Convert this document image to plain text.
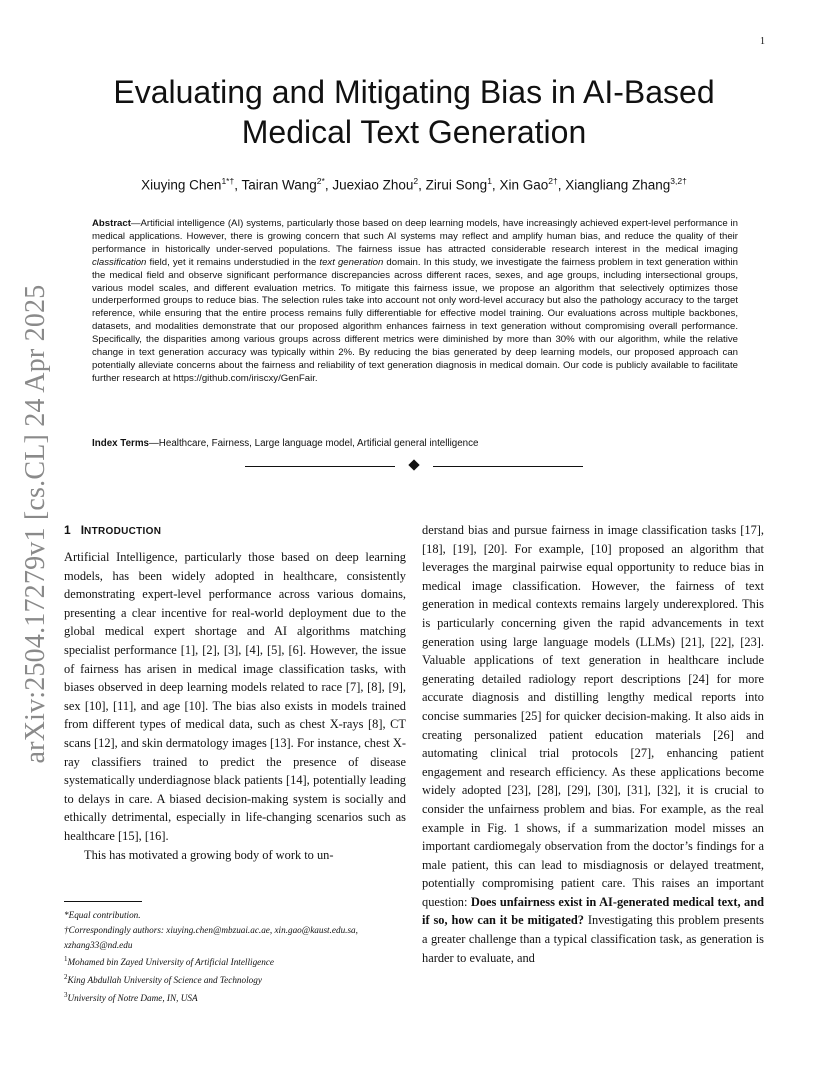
1
arXiv:2504.17279v1 [cs.CL] 24 Apr 2025
Evaluating and Mitigating Bias in AI-Based
Medical Text Generation
Xiuying Chen$^{1*\dagger}$, Tairan Wang$^{2*}$, Juexiao Zhou$^2$, Zirui Song$^1$, Xin Gao$^{2\dagger}$, Xiangliang Zhang$^{3,2\dagger}$
Abstract—Artificial intelligence (AI) systems, particularly those based on deep learning models, have increasingly achieved expert-level performance in medical applications. However, there is growing concern that such AI systems may reflect and amplify human bias, and reduce the quality of their performance in historically under-served populations. The fairness issue has attracted considerable research interest in the medical imaging classification field, yet it remains understudied in the text generation domain. In this study, we investigate the fairness problem in text generation within the medical field and observe significant performance discrepancies across different races, sexes, and age groups, including intersectional groups, various model scales, and different evaluation metrics. To mitigate this fairness issue, we propose an algorithm that selectively optimizes those underperformed groups to reduce bias. The selection rules take into account not only word-level accuracy but also the pathology accuracy to the target reference, while ensuring that the entire process remains fully differentiable for effective model training. Our evaluations across multiple backbones, datasets, and modalities demonstrate that our proposed algorithm enhances fairness in text generation without compromising overall performance. Specifically, the disparities among various groups across different metrics were diminished by more than 30% with our algorithm, while the relative change in text generation accuracy was typically within 2%. By reducing the bias generated by deep learning models, our proposed approach can potentially alleviate concerns about the fairness and reliability of text generation diagnosis in medical domain. Our code is publicly available to facilitate further research at https://github.com/iriscxy/GenFair.
Index Terms—Healthcare, Fairness, Large language model, Artificial general intelligence
1 INTRODUCTION

Artificial Intelligence, particularly those based on deep learning models, has been widely adopted in healthcare, consistently demonstrating expert-level performance across various domains, presenting a clear incentive for real-world deployment due to the global medical expert shortage and AI algorithms matching specialist performance [1], [2], [3], [4], [5], [6]. However, the issue of fairness has arisen in medical image classification tasks, with biases observed in deep learning models related to race [7], [8], [9], sex [10], [11], and age [10]. The bias also exists in models trained from different types of medical data, such as chest X-rays [8], CT scans [12], and skin dermatology images [13]. For instance, chest X-ray classifiers trained to predict the presence of disease systematically underdiagnose black patients [14], potentially leading to delays in care. A biased decision-making system is socially and ethically detrimental, especially in life-changing scenarios such as healthcare [15], [16].

This has motivated a growing body of work to un-

derstand bias and pursue fairness in image classification tasks [17], [18], [19], [20]. For example, [10] proposed an algorithm that leverages the marginal pairwise equal opportunity to reduce bias in medical image classification. However, the fairness of text generation in medical contexts remains largely underexplored. This is particularly concerning given the rapid advancements in text generation using large language models (LLMs) [21], [22], [23]. Valuable applications of text generation in healthcare include generating detailed radiology report descriptions [24] for more accurate diagnosis and distilling lengthy medical reports into concise summaries [25] for quicker decision-making. It also aids in creating personalized patient education materials [26] and automating clinical trial protocols [27], enhancing patient engagement and research efficiency. As these applications become widely adopted [23], [28], [29], [30], [31], [32], it is crucial to consider the unfairness problem and bias. For example, as the real example in Fig. 1 shows, if a summarization model misses an important cardiomegaly observation from the doctor’s findings for a male patient, this can lead to misdiagnosis or delayed treatment, potentially compromising patient care. This raises an important question: Does unfairness exist in AI-generated medical text, and if so, how can it be mitigated? Investigating this problem presents a greater challenge than a typical classification task, as generation is harder to evaluate, and

*Equal contribution.
†Correspondingly authors: xiuying.chen@mbzuai.ac.ae, xin.gao@kaust.edu.sa, xzhang33@nd.edu
$^1$Mohamed bin Zayed University of Artificial Intelligence
$^2$King Abdullah University of Science and Technology
$^3$University of Notre Dame, IN, USA
